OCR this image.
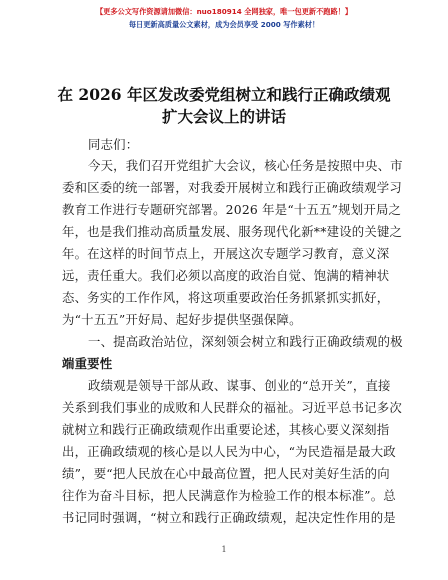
【更多公文写作资源请加微信：nuo180914 全网独家，唯一包更新不跑路！】
每日更新高质量公文素材，成为会员享受 2000 写作素材！
在 2026 年区发改委党组树立和践行正确政绩观
扩大会议上的讲话
同志们：
今天，我们召开党组扩大会议，核心任务是按照中央、市
委和区委的统一部署，对我委开展树立和践行正确政绩观学习
教育工作进行专题研究部署。2026 年是“十五五”规划开局之
年，也是我们推动高质量发展、服务现代化新**建设的关键之
年。在这样的时间节点上，开展这次专题学习教育，意义深
远，责任重大。我们必须以高度的政治自觉、饱满的精神状
态、务实的工作作风，将这项重要政治任务抓紧抓实抓好，
为“十五五”开好局、起好步提供坚强保障。
一、提高政治站位，深刻领会树立和践行正确政绩观的极
端重要性
政绩观是领导干部从政、谋事、创业的“总开关”，直接
关系到我们事业的成败和人民群众的福祉。习近平总书记多次
就树立和践行正确政绩观作出重要论述，其核心要义深刻指
出，正确政绩观的核心是以人民为中心，“为民造福是最大政
绩”，要“把人民放在心中最高位置，把人民对美好生活的向
往作为奋斗目标，把人民满意作为检验工作的根本标准”。总
书记同时强调，“树立和践行正确政绩观，起决定性作用的是
1
